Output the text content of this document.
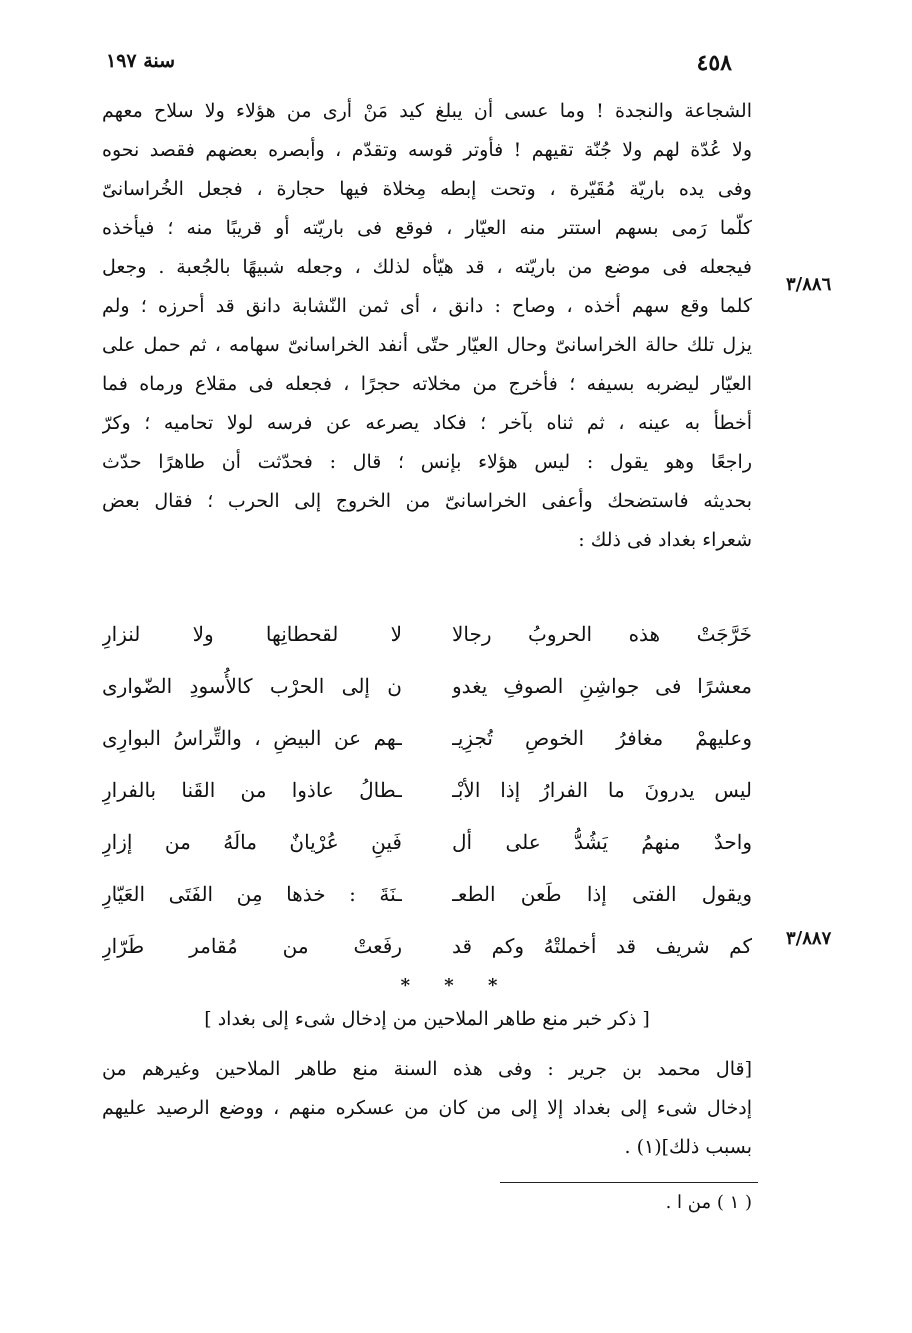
٤٥٨
سنة ١٩٧
الشجاعة والنجدة ! وما عسى أن يبلغ كيد مَنْ أرى من هؤلاء ولا سلاح معهم
ولا عُدّة لهم ولا جُنّة تقيهم ! فأوتر قوسه وتقدّم ، وأبصره بعضهم فقصد نحوه
وفى يده باريّة مُقَيّرة ، وتحت إبطه مِخلاة فيها حجارة ، فجعل الخُراسانىّ
كلّما رَمى بسهم استتر منه العيّار ، فوقع فى باريّته أو قريبًا منه ؛ فيأخذه
فيجعله فى موضع من باريّته ، قد هيّأه لذلك ، وجعله شبيهًا بالجُعبة . وجعل
كلما وقع سهم أخذه ، وصاح : دانق ، أى ثمن النّشابة دانق قد أحرزه ؛ ولم
يزل تلك حالة الخراسانىّ وحال العيّار حتّى أنفد الخراسانىّ سهامه ، ثم حمل على
العيّار ليضربه بسيفه ؛ فأخرج من مخلاته حجرًا ، فجعله فى مقلاع ورماه فما
أخطأ به عينه ، ثم ثناه بآخر ؛ فكاد يصرعه عن فرسه لولا تحاميه ؛ وكرّ
راجعًا وهو يقول : ليس هؤلاء بإنس ؛ قال : فحدّثت أن طاهرًا حدّث
بحديثه فاستضحك وأعفى الخراسانىّ من الخروج إلى الحرب ؛ فقال بعض
شعراء بغداد فى ذلك :
٣/٨٨٦
خَرَّجَتْ هذه الحروبُ رجالا
لا لقحطانِها ولا لنزارِ
معشرًا فى جواشِنِ الصوفِ يغدو
ن إلى الحرْب كالأُسودِ الضّوارى
وعليهمْ مغافرُ الخوصِ تُجزِيـ
ـهم عن البيضِ ، والتِّراسُ البوارِى
ليس يدرونَ ما الفرارُ إذا الأبْـ
ـطالُ عاذوا من القَنا بالفرارِ
واحدٌ منهمُ يَشُدُّ على أل
فَينِ عُرْيانٌ مالَهُ من إزارِ
ويقول الفتى إذا طَعن الطعـ
ـنَةَ : خذها مِن الفَتَى العَيّارِ
كم شريف قد أخملتْهُ وكم قد
رفَعتْ من مُقامر طَرّارِ	٣/٨٨٧
* * *
[ ذكر خبر منع طاهر الملاحين من إدخال شىء إلى بغداد ]
[قال محمد بن جرير : وفى هذه السنة منع طاهر الملاحين وغيرهم من
إدخال شىء إلى بغداد إلا إلى من كان من عسكره منهم ، ووضع الرصيد عليهم
بسبب ذلك](١) .
( ١ ) من ا .
